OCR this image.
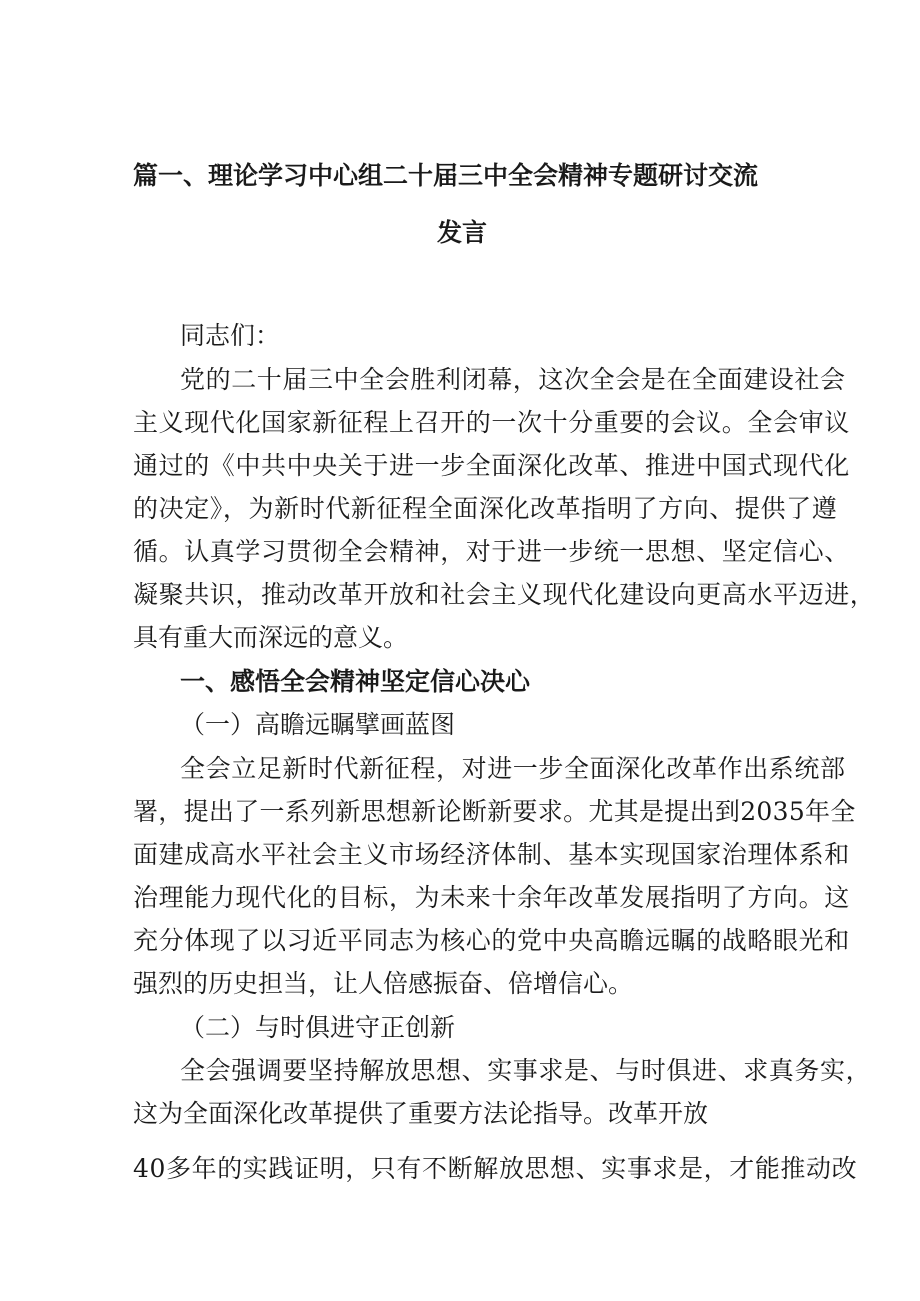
篇一、理论学习中心组二十届三中全会精神专题研讨交流
发言
同志们：
党的二十届三中全会胜利闭幕，这次全会是在全面建设社会
主义现代化国家新征程上召开的一次十分重要的会议。全会审议
通过的《中共中央关于进一步全面深化改革、推进中国式现代化
的决定》，为新时代新征程全面深化改革指明了方向、提供了遵
循。认真学习贯彻全会精神，对于进一步统一思想、坚定信心、
凝聚共识，推动改革开放和社会主义现代化建设向更高水平迈进，
具有重大而深远的意义。
一、感悟全会精神坚定信心决心
（一）高瞻远瞩擘画蓝图
全会立足新时代新征程，对进一步全面深化改革作出系统部
署，提出了一系列新思想新论断新要求。尤其是提出到2035年全
面建成高水平社会主义市场经济体制、基本实现国家治理体系和
治理能力现代化的目标，为未来十余年改革发展指明了方向。这
充分体现了以习近平同志为核心的党中央高瞻远瞩的战略眼光和
强烈的历史担当，让人倍感振奋、倍增信心。
（二）与时俱进守正创新
全会强调要坚持解放思想、实事求是、与时俱进、求真务实，
这为全面深化改革提供了重要方法论指导。改革开放
40多年的实践证明，只有不断解放思想、实事求是，才能推动改
